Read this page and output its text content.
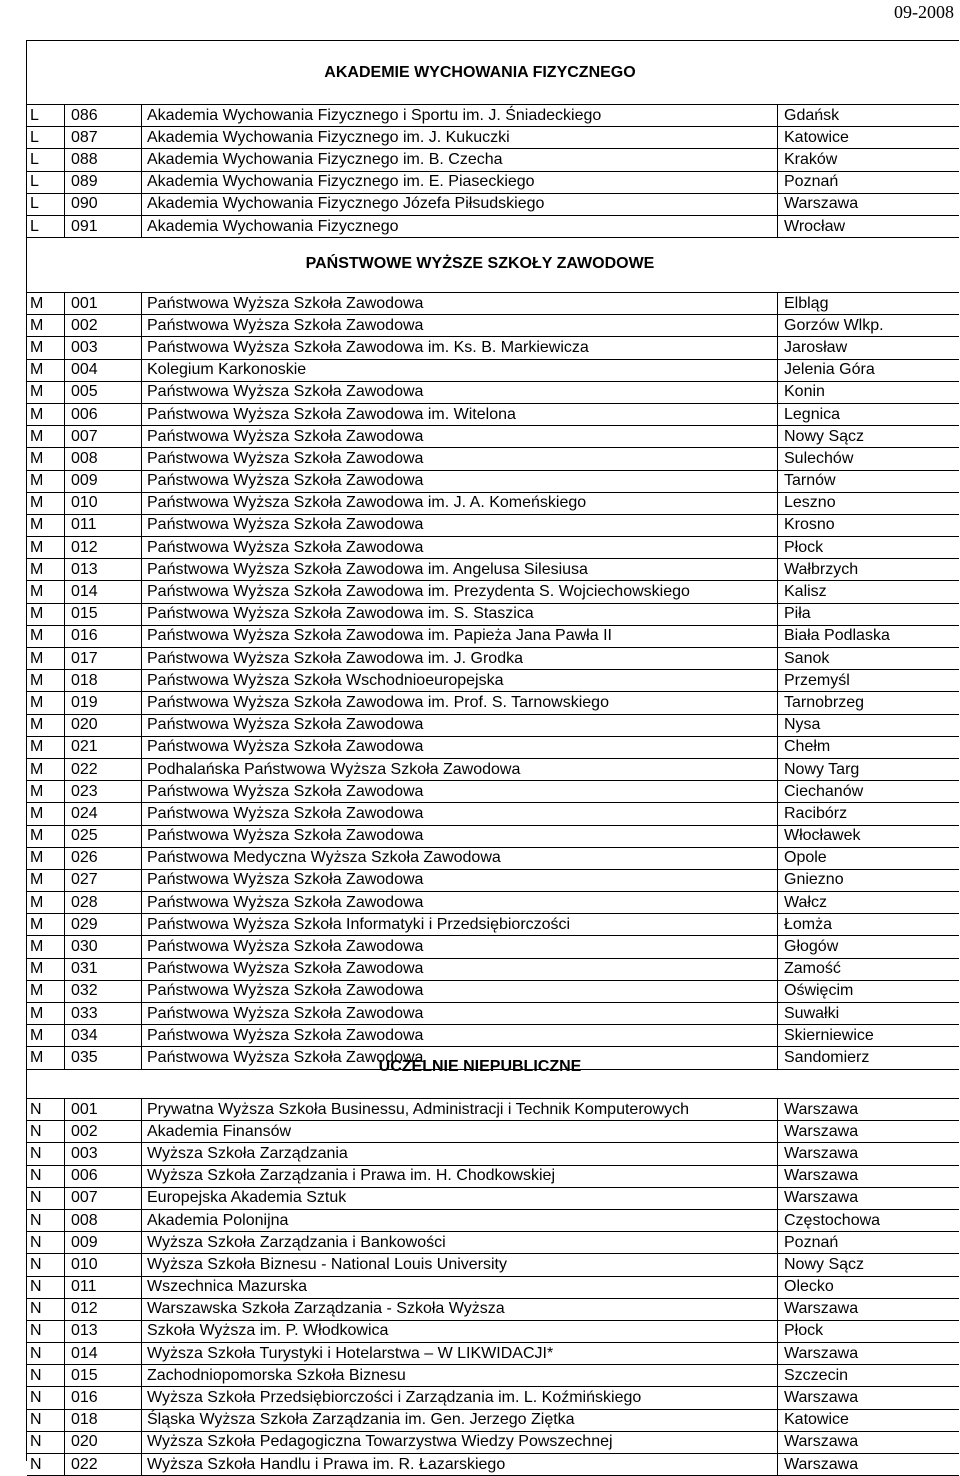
09-2008
AKADEMIE WYCHOWANIA FIZYCZNEGO
L	086	Akademia Wychowania Fizycznego i Sportu im. J. Śniadeckiego	Gdańsk
L	087	Akademia Wychowania Fizycznego im. J. Kukuczki	Katowice
L	088	Akademia Wychowania Fizycznego im. B. Czecha	Kraków
L	089	Akademia Wychowania Fizycznego im. E. Piaseckiego	Poznań
L	090	Akademia Wychowania Fizycznego Józefa Piłsudskiego	Warszawa
L	091	Akademia Wychowania Fizycznego	Wrocław
PAŃSTWOWE WYŻSZE SZKOŁY ZAWODOWE
M	001	Państwowa Wyższa Szkoła Zawodowa	Elbląg
M	002	Państwowa Wyższa Szkoła Zawodowa	Gorzów Wlkp.
M	003	Państwowa Wyższa Szkoła Zawodowa im. Ks. B. Markiewicza	Jarosław
M	004	Kolegium Karkonoskie	Jelenia Góra
M	005	Państwowa Wyższa Szkoła Zawodowa	Konin
M	006	Państwowa Wyższa Szkoła Zawodowa im. Witelona	Legnica
M	007	Państwowa Wyższa Szkoła Zawodowa	Nowy Sącz
M	008	Państwowa Wyższa Szkoła Zawodowa	Sulechów
M	009	Państwowa Wyższa Szkoła Zawodowa	Tarnów
M	010	Państwowa Wyższa Szkoła Zawodowa im. J. A. Komeńskiego	Leszno
M	011	Państwowa Wyższa Szkoła Zawodowa	Krosno
M	012	Państwowa Wyższa Szkoła Zawodowa	Płock
M	013	Państwowa Wyższa Szkoła Zawodowa im. Angelusa Silesiusa	Wałbrzych
M	014	Państwowa Wyższa Szkoła Zawodowa im. Prezydenta S. Wojciechowskiego	Kalisz
M	015	Państwowa Wyższa Szkoła Zawodowa im. S. Staszica	Piła
M	016	Państwowa Wyższa Szkoła Zawodowa im. Papieża Jana Pawła II	Biała Podlaska
M	017	Państwowa Wyższa Szkoła Zawodowa im. J. Grodka	Sanok
M	018	Państwowa Wyższa Szkoła Wschodnioeuropejska	Przemyśl
M	019	Państwowa Wyższa Szkoła Zawodowa im. Prof. S. Tarnowskiego	Tarnobrzeg
M	020	Państwowa Wyższa Szkoła Zawodowa	Nysa
M	021	Państwowa Wyższa Szkoła Zawodowa	Chełm
M	022	Podhalańska Państwowa Wyższa Szkoła Zawodowa	Nowy Targ
M	023	Państwowa Wyższa Szkoła Zawodowa	Ciechanów
M	024	Państwowa Wyższa Szkoła Zawodowa	Racibórz
M	025	Państwowa Wyższa Szkoła Zawodowa	Włocławek
M	026	Państwowa Medyczna Wyższa Szkoła Zawodowa	Opole
M	027	Państwowa Wyższa Szkoła Zawodowa	Gniezno
M	028	Państwowa Wyższa Szkoła Zawodowa	Wałcz
M	029	Państwowa Wyższa Szkoła Informatyki i Przedsiębiorczości	Łomża
M	030	Państwowa Wyższa Szkoła Zawodowa	Głogów
M	031	Państwowa Wyższa Szkoła Zawodowa	Zamość
M	032	Państwowa Wyższa Szkoła Zawodowa	Oświęcim
M	033	Państwowa Wyższa Szkoła Zawodowa	Suwałki
M	034	Państwowa Wyższa Szkoła Zawodowa	Skierniewice
M	035	Państwowa Wyższa Szkoła Zawodowa	Sandomierz
UCZELNIE NIEPUBLICZNE
N	001	Prywatna Wyższa Szkoła Businessu, Administracji i Technik Komputerowych	Warszawa
N	002	Akademia Finansów	Warszawa
N	003	Wyższa Szkoła Zarządzania	Warszawa
N	006	Wyższa Szkoła Zarządzania i Prawa im. H. Chodkowskiej	Warszawa
N	007	Europejska Akademia Sztuk	Warszawa
N	008	Akademia Polonijna	Częstochowa
N	009	Wyższa Szkoła Zarządzania i Bankowości	Poznań
N	010	Wyższa Szkoła Biznesu - National Louis University	Nowy Sącz
N	011	Wszechnica Mazurska	Olecko
N	012	Warszawska Szkoła Zarządzania - Szkoła Wyższa	Warszawa
N	013	Szkoła Wyższa im. P. Włodkowica	Płock
N	014	Wyższa Szkoła Turystyki i Hotelarstwa – W LIKWIDACJI*	Warszawa
N	015	Zachodniopomorska Szkoła Biznesu	Szczecin
N	016	Wyższa Szkoła Przedsiębiorczości i Zarządzania im. L. Koźmińskiego	Warszawa
N	018	Śląska Wyższa Szkoła Zarządzania im. Gen. Jerzego Ziętka	Katowice
N	020	Wyższa Szkoła Pedagogiczna Towarzystwa Wiedzy Powszechnej	Warszawa
N	022	Wyższa Szkoła Handlu i Prawa im. R. Łazarskiego	Warszawa
